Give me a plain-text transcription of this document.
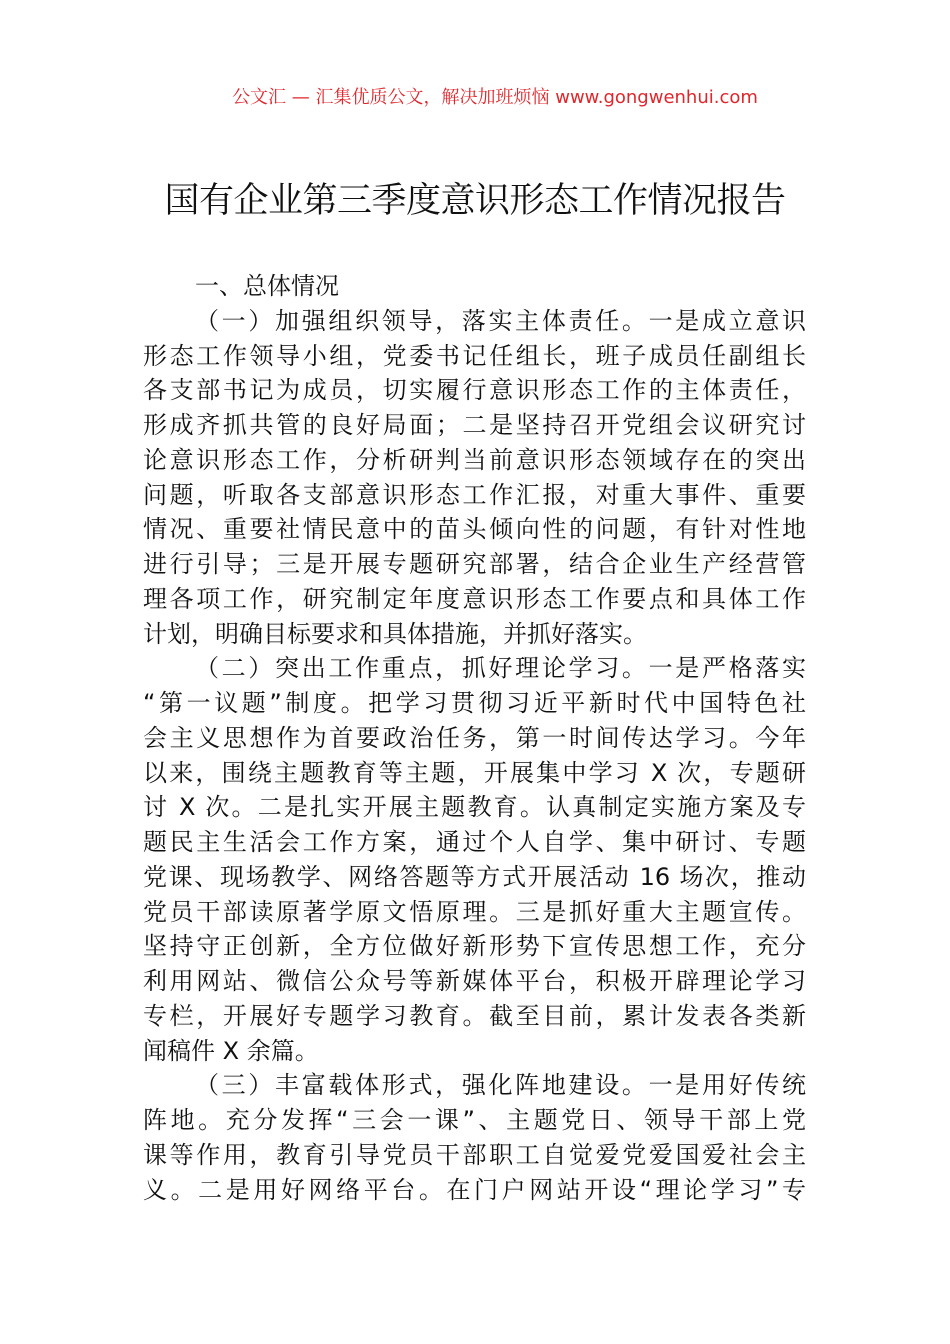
公文汇 — 汇集优质公文，解决加班烦恼 www.gongwenhui.com
国有企业第三季度意识形态工作情况报告
一、总体情况
（一）加强组织领导，落实主体责任。一是成立意识
形态工作领导小组，党委书记任组长，班子成员任副组长
各支部书记为成员，切实履行意识形态工作的主体责任，
形成齐抓共管的良好局面；二是坚持召开党组会议研究讨
论意识形态工作，分析研判当前意识形态领域存在的突出
问题，听取各支部意识形态工作汇报，对重大事件、重要
情况、重要社情民意中的苗头倾向性的问题，有针对性地
进行引导；三是开展专题研究部署，结合企业生产经营管
理各项工作，研究制定年度意识形态工作要点和具体工作
计划，明确目标要求和具体措施，并抓好落实。
（二）突出工作重点，抓好理论学习。一是严格落实
“第一议题”制度。把学习贯彻习近平新时代中国特色社
会主义思想作为首要政治任务，第一时间传达学习。今年
以来，围绕主题教育等主题，开展集中学习 X 次，专题研
讨 X 次。二是扎实开展主题教育。认真制定实施方案及专
题民主生活会工作方案，通过个人自学、集中研讨、专题
党课、现场教学、网络答题等方式开展活动 16 场次，推动
党员干部读原著学原文悟原理。三是抓好重大主题宣传。
坚持守正创新，全方位做好新形势下宣传思想工作，充分
利用网站、微信公众号等新媒体平台，积极开辟理论学习
专栏，开展好专题学习教育。截至目前，累计发表各类新
闻稿件 X 余篇。
（三）丰富载体形式，强化阵地建设。一是用好传统
阵地。充分发挥“三会一课”、主题党日、领导干部上党
课等作用，教育引导党员干部职工自觉爱党爱国爱社会主
义。二是用好网络平台。在门户网站开设“理论学习”专
